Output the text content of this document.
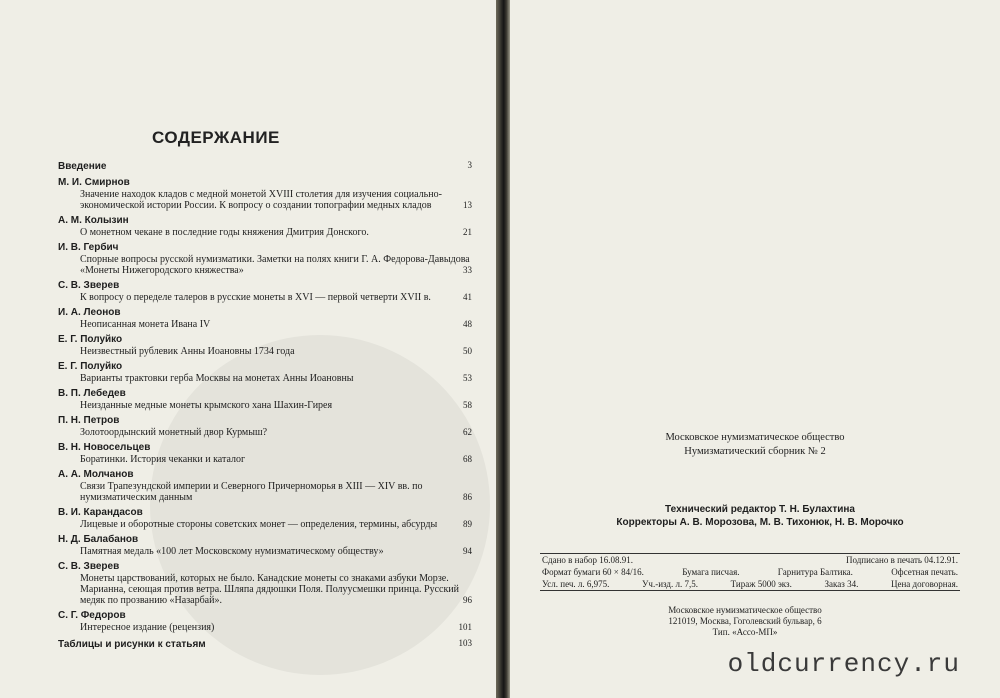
СОДЕРЖАНИЕ
Введение	3
М. И. Смирнов
Значение находок кладов с медной монетой XVIII столетия для изучения социально-экономической истории России. К вопросу о создании топографии медных кладов	13
А. М. Колызин
О монетном чекане в последние годы княжения Дмитрия Донского.	21
И. В. Гербич
Спорные вопросы русской нумизматики. Заметки на полях книги Г. А. Федорова-Давыдова «Монеты Нижегородского княжества»	33
С. В. Зверев
К вопросу о переделе талеров в русские монеты в XVI — первой четверти XVII в.	41
И. А. Леонов
Неописанная монета Ивана IV	48
Е. Г. Полуйко
Неизвестный рублевик Анны Иоановны 1734 года	50
Е. Г. Полуйко
Варианты трактовки герба Москвы на монетах Анны Иоановны	53
В. П. Лебедев
Неизданные медные монеты крымского хана Шахин-Гирея	58
П. Н. Петров
Золотоордынский монетный двор Курмыш?	62
В. Н. Новосельцев
Боратинки. История чеканки и каталог	68
А. А. Молчанов
Связи Трапезундской империи и Северного Причерноморья в XIII — XIV вв. по нумизматическим данным	86
В. И. Карандасов
Лицевые и оборотные стороны советских монет — определения, термины, абсурды	89
Н. Д. Балабанов
Памятная медаль «100 лет Московскому нумизматическому обществу»	94
С. В. Зверев
Монеты царствований, которых не было. Канадские монеты со знаками азбуки Морзе. Марианна, сеющая против ветра. Шляпа дядюшки Поля. Полуусмешки принца. Русский медяк по прозванию «Назарбай».	96
С. Г. Федоров
Интересное издание (рецензия)	101
Таблицы и рисунки к статьям	103
Московское нумизматическое общество
Нумизматический сборник № 2
Технический редактор Т. Н. Булахтина
Корректоры А. В. Морозова, М. В. Тихонюк, Н. В. Морочко
Сдано в набор 16.08.91.	Подписано в печать 04.12.91.
Формат бумаги 60 × 84/16.	Бумага писчая.	Гарнитура Балтика.	Офсетная печать.
Усл. печ. л. 6,975.	Уч.-изд. л. 7,5.	Тираж 5000 экз.	Заказ 34.	Цена договорная.
Московское нумизматическое общество
121019, Москва, Гоголевский бульвар, 6
Тип. «Ассо-МП»
oldcurrency.ru
